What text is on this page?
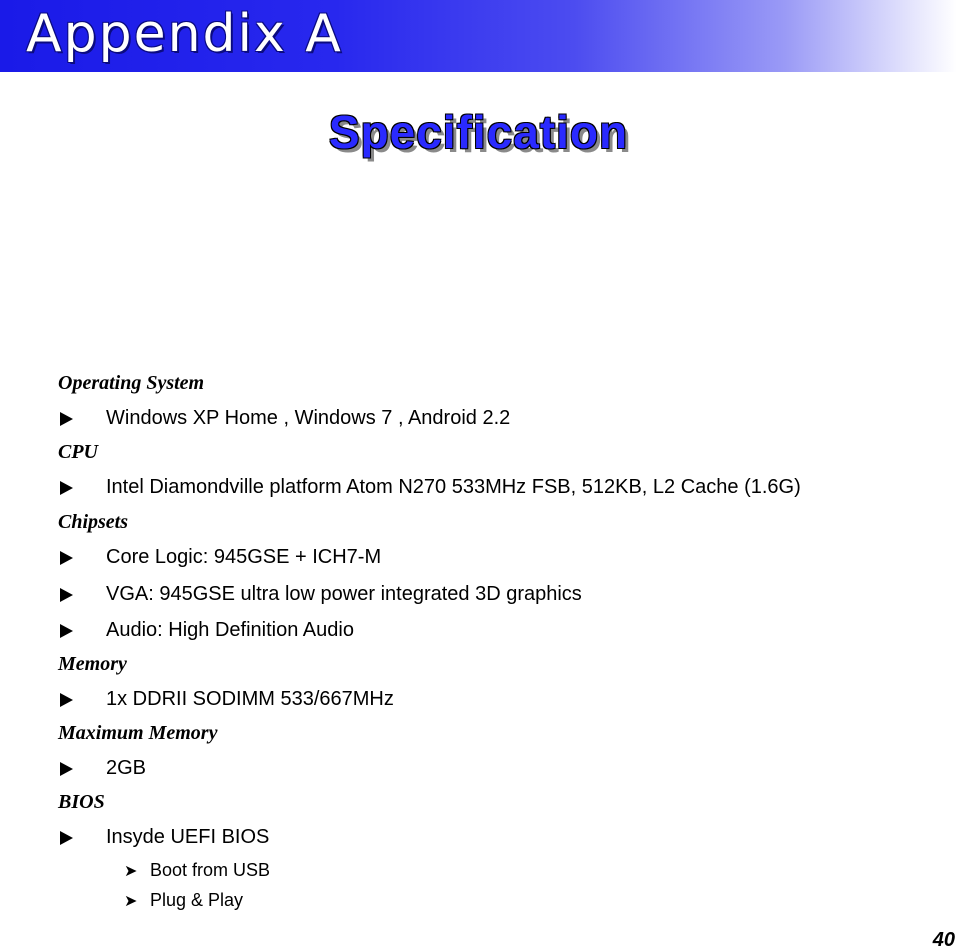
Appendix A
Specification
Operating System
Windows XP Home , Windows 7 , Android 2.2
CPU
Intel Diamondville platform Atom N270 533MHz FSB, 512KB, L2 Cache (1.6G)
Chipsets
Core Logic: 945GSE + ICH7-M
VGA: 945GSE ultra low power integrated 3D graphics
Audio: High Definition Audio
Memory
1x DDRII SODIMM 533/667MHz
Maximum Memory
2GB
BIOS
Insyde UEFI BIOS
➤ Boot from USB
➤ Plug & Play
40
